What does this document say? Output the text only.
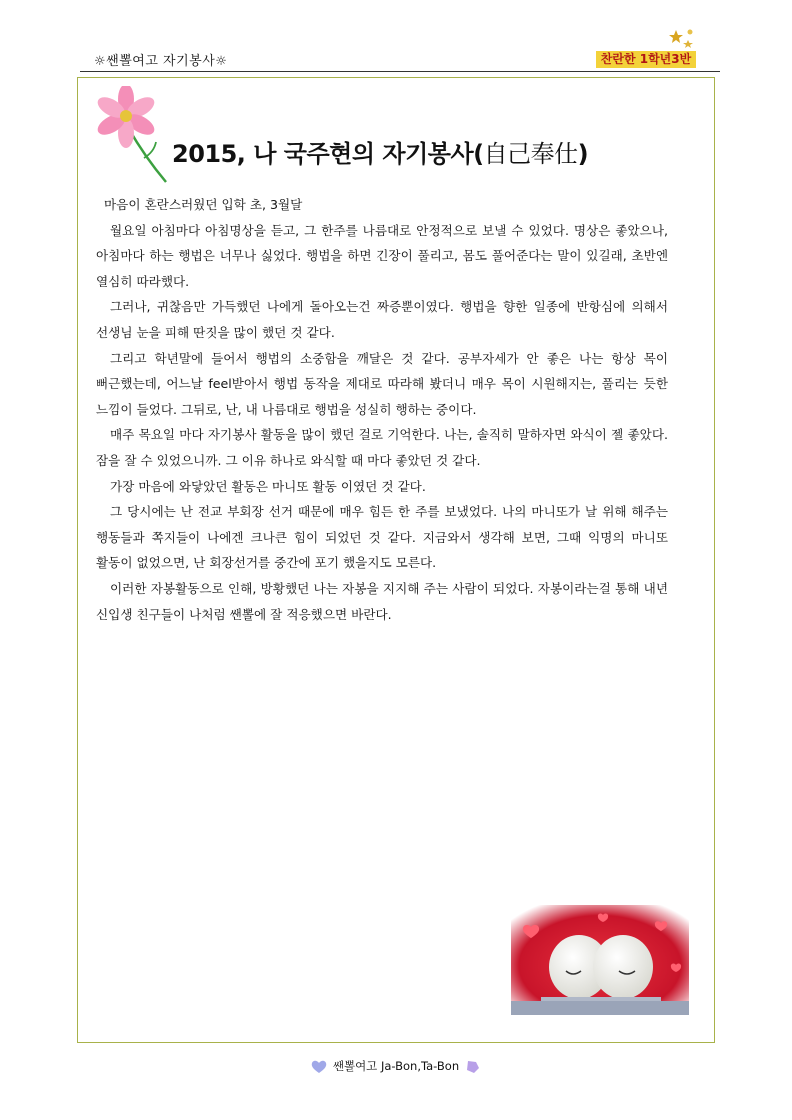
☼쌘뽈여고 자기봉사☼	찬란한 1학년3반
2015, 나 국주현의 자기봉사(自己奉仕)

마음이 혼란스러웠던 입학 초, 3월달

월요일 아침마다 아침명상을 듣고, 그 한주를 나름대로 안정적으로 보낼 수 있었다. 명상은 좋았으나, 아침마다 하는 행법은 너무나 싫었다. 행법을 하면 긴장이 풀리고, 몸도 풀어준다는 말이 있길래, 초반엔 열심히 따라했다.

그러나, 귀찮음만 가득했던 나에게 돌아오는건 짜증뿐이였다. 행법을 향한 일종에 반항심에 의해서 선생님 눈을 피해 딴짓을 많이 했던 것 같다.

그리고 학년말에 들어서 행법의 소중함을 깨달은 것 같다. 공부자세가 안 좋은 나는 항상 목이 뻐근했는데, 어느날 feel받아서 행법 동작을 제대로 따라해 봤더니 매우 목이 시원해지는, 풀리는 듯한 느낌이 들었다. 그뒤로, 난, 내 나름대로 행법을 성실히 행하는 중이다.

매주 목요일 마다 자기봉사 활동을 많이 했던 걸로 기억한다. 나는, 솔직히 말하자면 와식이 젤 좋았다. 잠을 잘 수 있었으니까. 그 이유 하나로 와식할 때 마다 좋았던 것 같다.

가장 마음에 와닿았던 활동은 마니또 활동 이였던 것 같다.

그 당시에는 난 전교 부회장 선거 때문에 매우 힘든 한 주를 보냈었다. 나의 마니또가 날 위해 해주는 행동들과 쪽지들이 나에겐 크나큰 힘이 되었던 것 같다. 지금와서 생각해 보면, 그때 익명의 마니또 활동이 없었으면, 난 회장선거를 중간에 포기 했을지도 모른다.

이러한 자봉활동으로 인해, 방황했던 나는 자봉을 지지해 주는 사람이 되었다. 자봉이라는걸 통해 내년 신입생 친구들이 나처럼 쌘뽈에 잘 적응했으면 바란다.

쌘뽈여고 Ja-Bon,Ta-Bon
